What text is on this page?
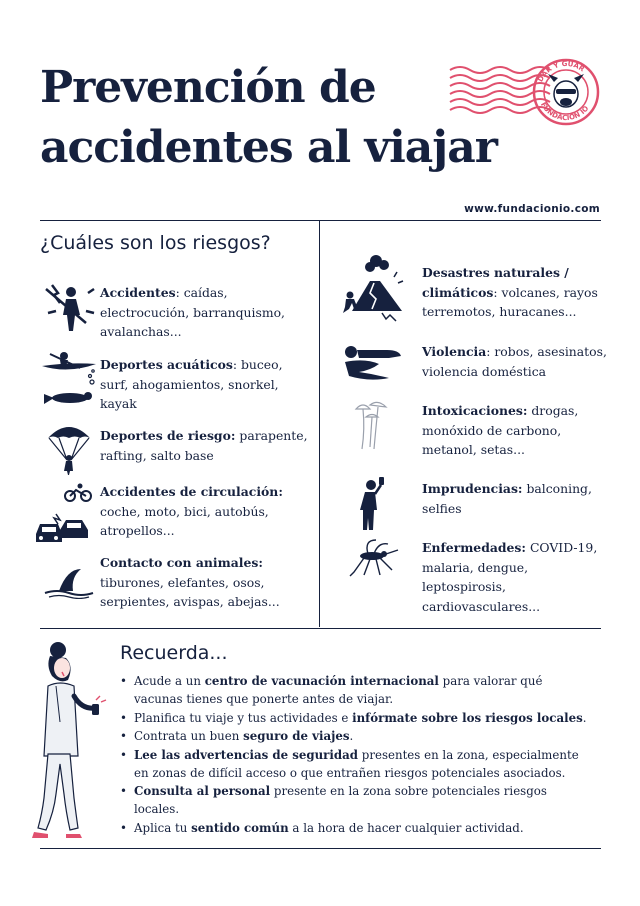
Prevención de
accidentes al viajar
DAR Y GUAR
FUNDACIÓN IO
www.fundacionio.com
¿Cuáles son los riesgos?
Accidentes: caídas, electrocución, barranquismo, avalanchas...
Deportes acuáticos: buceo, surf, ahogamientos, snorkel, kayak
Deportes de riesgo: parapente, rafting, salto base
Accidentes de circulación: coche, moto, bici, autobús, atropellos...
Contacto con animales: tiburones, elefantes, osos, serpientes, avispas, abejas...
Desastres naturales / climáticos: volcanes, rayos terremotos, huracanes...
Violencia: robos, asesinatos, violencia doméstica
Intoxicaciones: drogas, monóxido de carbono, metanol, setas...
Imprudencias: balconing, selfies
Enfermedades: COVID-19, malaria, dengue, leptospirosis, cardiovasculares...
Recuerda...
• Acude a un centro de vacunación internacional para valorar qué vacunas tienes que ponerte antes de viajar.
• Planifica tu viaje y tus actividades e infórmate sobre los riesgos locales.
• Contrata un buen seguro de viajes.
• Lee las advertencias de seguridad presentes en la zona, especialmente en zonas de difícil acceso o que entrañen riesgos potenciales asociados.
• Consulta al personal presente en la zona sobre potenciales riesgos locales.
• Aplica tu sentido común a la hora de hacer cualquier actividad.
